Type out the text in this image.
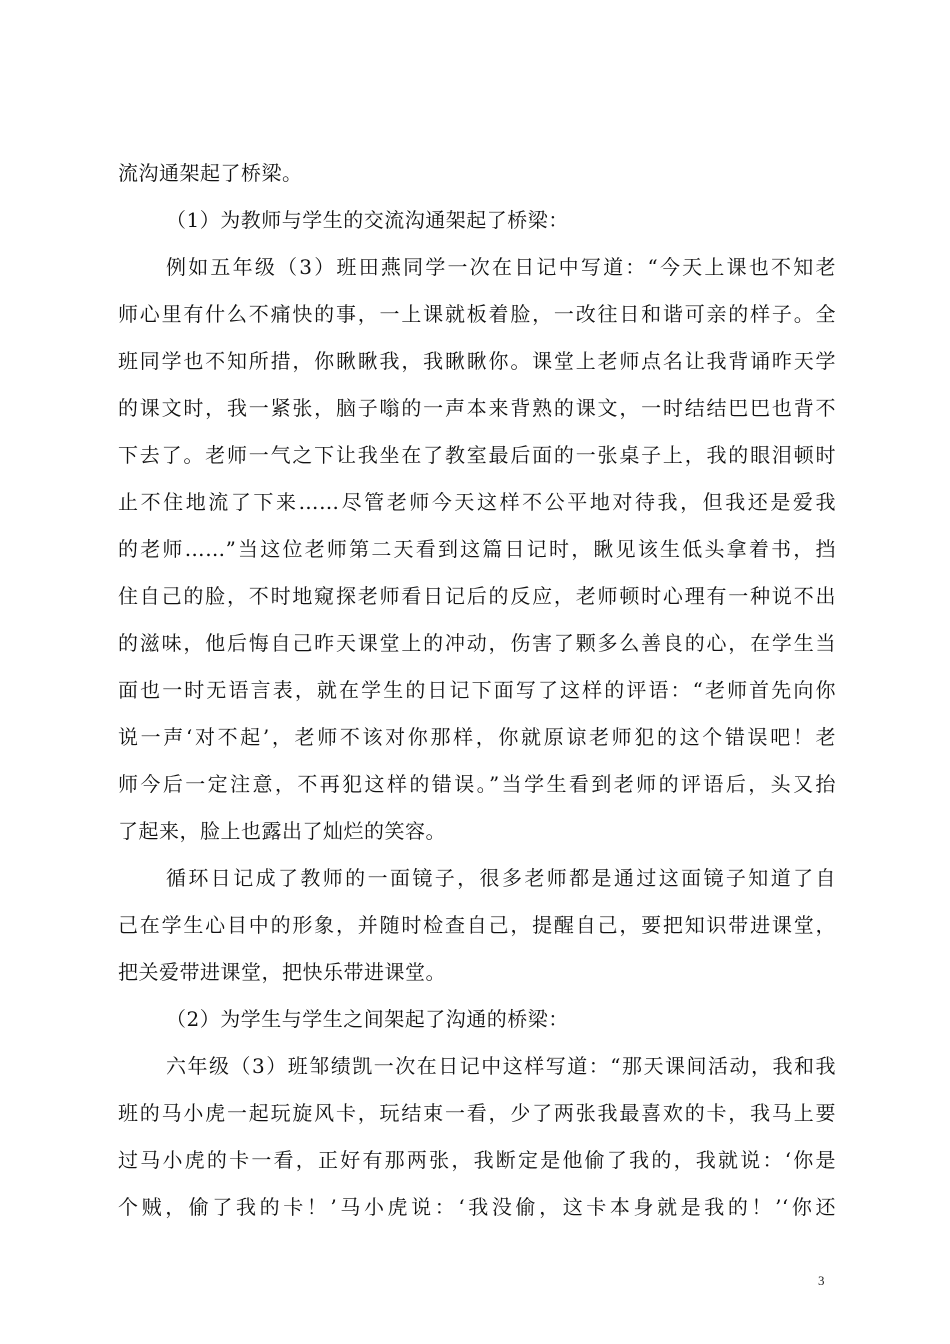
流沟通架起了桥梁。
（1）为教师与学生的交流沟通架起了桥梁：
例如五年级（3）班田燕同学一次在日记中写道：“今天上课也不知老
师心里有什么不痛快的事，一上课就板着脸，一改往日和谐可亲的样子。全
班同学也不知所措，你瞅瞅我，我瞅瞅你。课堂上老师点名让我背诵昨天学
的课文时，我一紧张，脑子嗡的一声本来背熟的课文，一时结结巴巴也背不
下去了。老师一气之下让我坐在了教室最后面的一张桌子上，我的眼泪顿时
止不住地流了下来……尽管老师今天这样不公平地对待我，但我还是爱我
的老师……”当这位老师第二天看到这篇日记时，瞅见该生低头拿着书，挡
住自己的脸，不时地窥探老师看日记后的反应，老师顿时心理有一种说不出
的滋味，他后悔自己昨天课堂上的冲动，伤害了颗多么善良的心，在学生当
面也一时无语言表，就在学生的日记下面写了这样的评语：“老师首先向你
说一声‘对不起’，老师不该对你那样，你就原谅老师犯的这个错误吧！老
师今后一定注意，不再犯这样的错误。”当学生看到老师的评语后，头又抬
了起来，脸上也露出了灿烂的笑容。
循环日记成了教师的一面镜子，很多老师都是通过这面镜子知道了自
己在学生心目中的形象，并随时检查自己，提醒自己，要把知识带进课堂，
把关爱带进课堂，把快乐带进课堂。
（2）为学生与学生之间架起了沟通的桥梁：
六年级（3）班邹绩凯一次在日记中这样写道：“那天课间活动，我和我
班的马小虎一起玩旋风卡，玩结束一看，少了两张我最喜欢的卡，我马上要
过马小虎的卡一看，正好有那两张，我断定是他偷了我的，我就说：‘你是
个贼，偷了我的卡！’马小虎说：‘我没偷，这卡本身就是我的！’‘你还
3
